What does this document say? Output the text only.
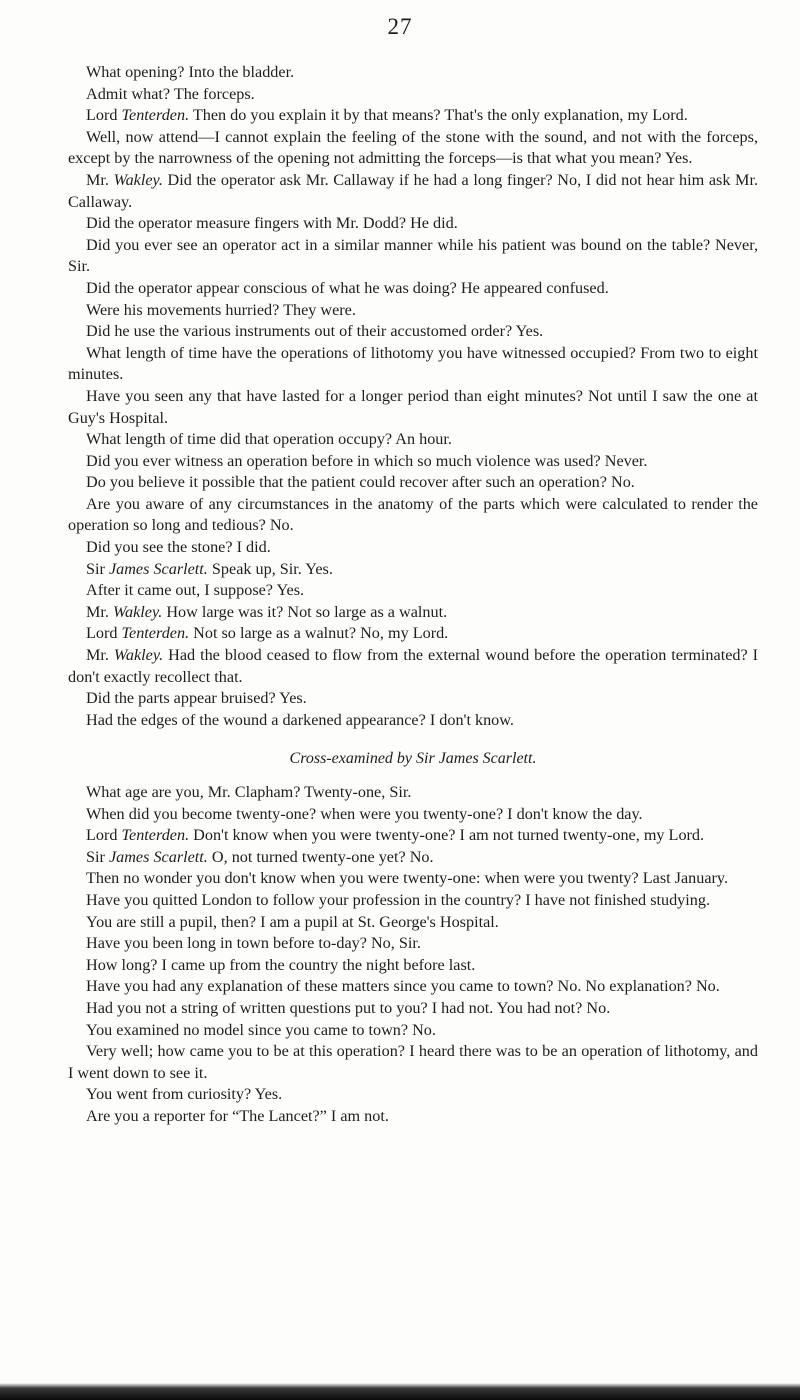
27

What opening? Into the bladder.

Admit what? The forceps.

Lord Tenterden. Then do you explain it by that means? That's the only explanation, my Lord.

Well, now attend—I cannot explain the feeling of the stone with the sound, and not with the forceps, except by the narrowness of the opening not admitting the forceps—is that what you mean? Yes.

Mr. Wakley. Did the operator ask Mr. Callaway if he had a long finger? No, I did not hear him ask Mr. Callaway.

Did the operator measure fingers with Mr. Dodd? He did.

Did you ever see an operator act in a similar manner while his patient was bound on the table? Never, Sir.

Did the operator appear conscious of what he was doing? He appeared confused.

Were his movements hurried? They were.

Did he use the various instruments out of their accustomed order? Yes.

What length of time have the operations of lithotomy you have witnessed occupied? From two to eight minutes.

Have you seen any that have lasted for a longer period than eight minutes? Not until I saw the one at Guy's Hospital.

What length of time did that operation occupy? An hour.

Did you ever witness an operation before in which so much violence was used? Never.

Do you believe it possible that the patient could recover after such an operation? No.

Are you aware of any circumstances in the anatomy of the parts which were calculated to render the operation so long and tedious? No.

Did you see the stone? I did.

Sir James Scarlett. Speak up, Sir. Yes.

After it came out, I suppose? Yes.

Mr. Wakley. How large was it? Not so large as a walnut.

Lord Tenterden. Not so large as a walnut? No, my Lord.

Mr. Wakley. Had the blood ceased to flow from the external wound before the operation terminated? I don't exactly recollect that.

Did the parts appear bruised? Yes.

Had the edges of the wound a darkened appearance? I don't know.

Cross-examined by Sir James Scarlett.

What age are you, Mr. Clapham? Twenty-one, Sir.

When did you become twenty-one? when were you twenty-one? I don't know the day.

Lord Tenterden. Don't know when you were twenty-one? I am not turned twenty-one, my Lord.

Sir James Scarlett. O, not turned twenty-one yet? No.

Then no wonder you don't know when you were twenty-one: when were you twenty? Last January.

Have you quitted London to follow your profession in the country? I have not finished studying.

You are still a pupil, then? I am a pupil at St. George's Hospital.

Have you been long in town before to-day? No, Sir.

How long? I came up from the country the night before last.

Have you had any explanation of these matters since you came to town? No. No explanation? No.

Had you not a string of written questions put to you? I had not. You had not? No.

You examined no model since you came to town? No.

Very well; how came you to be at this operation? I heard there was to be an operation of lithotomy, and I went down to see it.

You went from curiosity? Yes.

Are you a reporter for “The Lancet?” I am not.
